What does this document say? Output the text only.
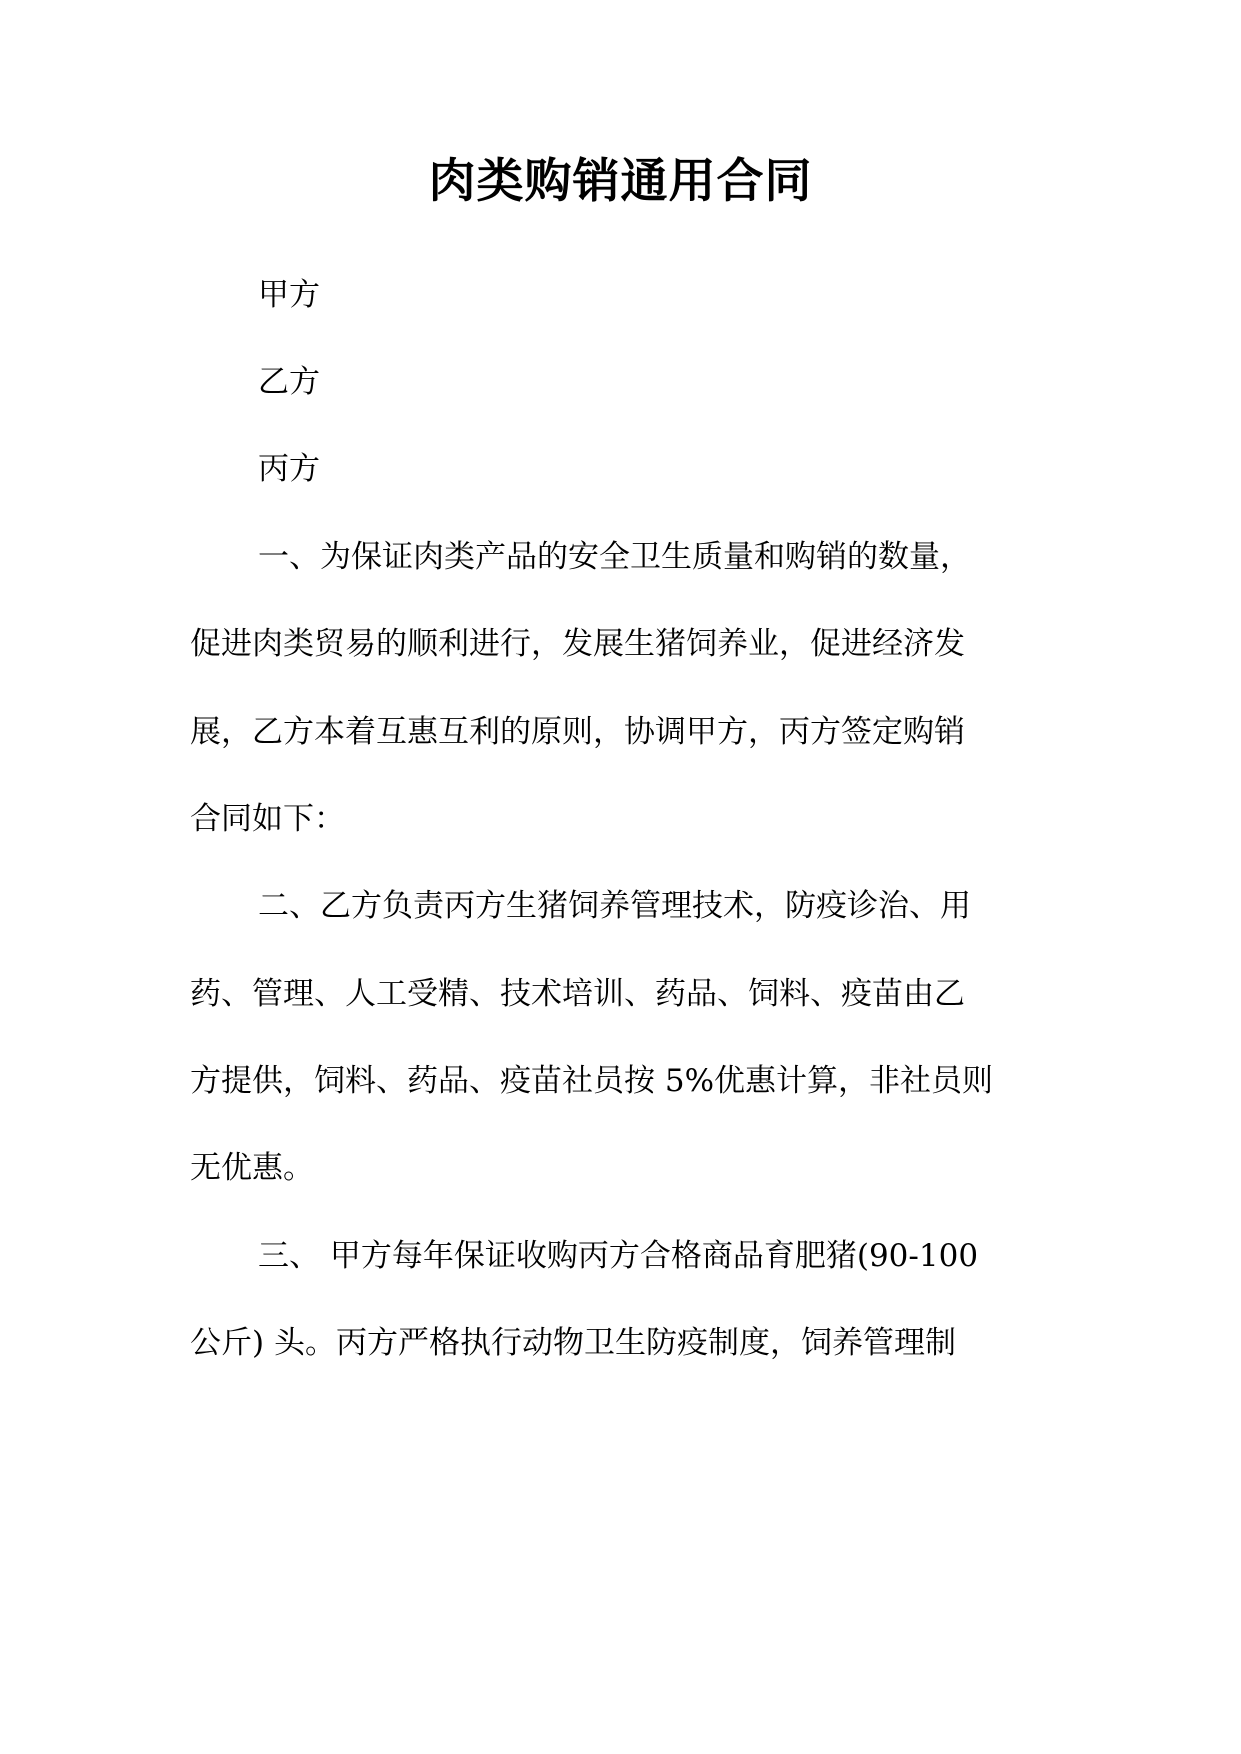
肉类购销通用合同
甲方
乙方
丙方
一、为保证肉类产品的安全卫生质量和购销的数量，
促进肉类贸易的顺利进行，发展生猪饲养业，促进经济发
展，乙方本着互惠互利的原则，协调甲方，丙方签定购销
合同如下：
二、乙方负责丙方生猪饲养管理技术，防疫诊治、用
药、管理、人工受精、技术培训、药品、饲料、疫苗由乙
方提供，饲料、药品、疫苗社员按 5%优惠计算，非社员则
无优惠。
三、 甲方每年保证收购丙方合格商品育肥猪(90-100
公斤) 头。丙方严格执行动物卫生防疫制度，饲养管理制
